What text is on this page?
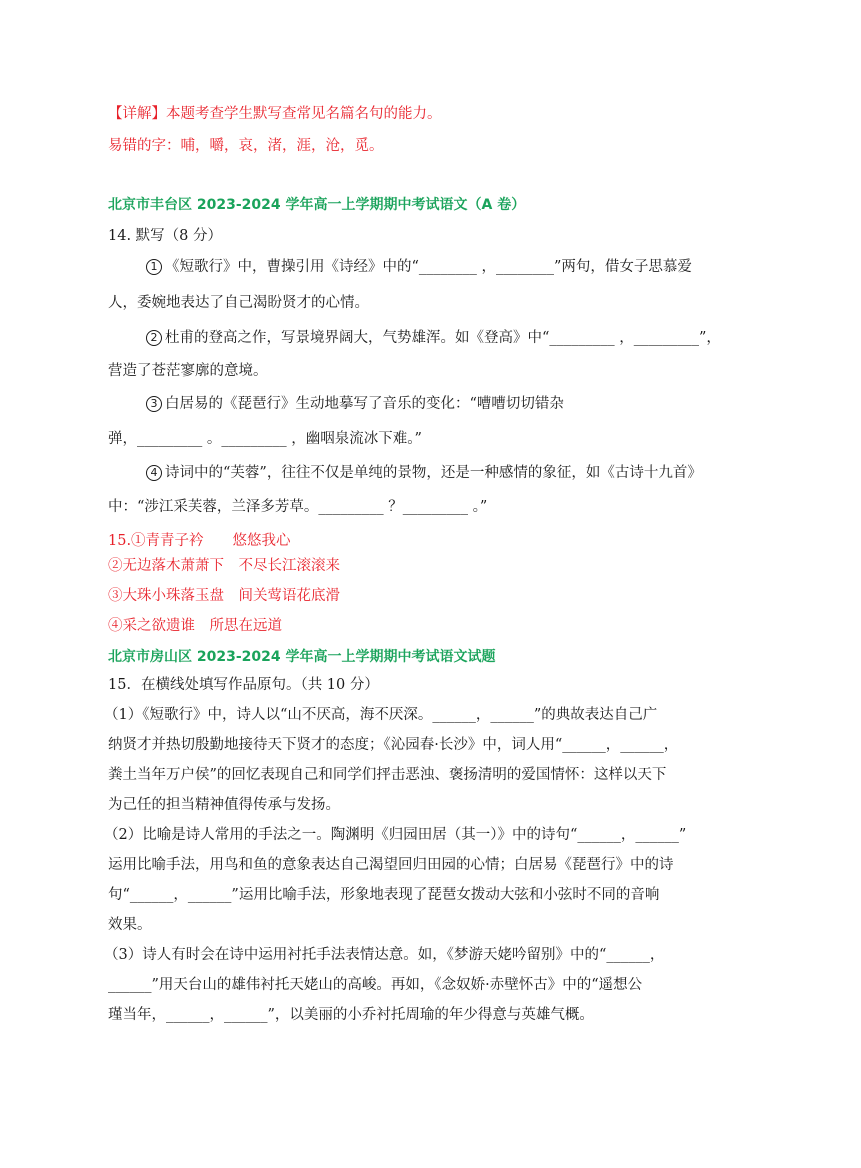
【详解】本题考查学生默写查常见名篇名句的能力。
易错的字：哺，嚼，哀，渚，涯，沧，觅。
北京市丰台区 2023-2024 学年高一上学期期中考试语文（A 卷）
14. 默写（8 分）
1 《短歌行》中，曹操引用《诗经》中的“________ ，________”两句，借女子思慕爱
人，委婉地表达了自己渴盼贤才的心情。
2 杜甫的登高之作，写景境界阔大，气势雄浑。如《登高》中“_________ ，_________”，
营造了苍茫寥廓的意境。
3 白居易的《琵琶行》生动地摹写了音乐的变化：“嘈嘈切切错杂
弹，_________ 。_________ ，幽咽泉流冰下难。”
4 诗词中的“芙蓉”，往往不仅是单纯的景物，还是一种感情的象征，如《古诗十九首》
中：“涉江采芙蓉，兰泽多芳草。_________ ？_________ 。”
15.①青青子衿　　悠悠我心
②无边落木萧萧下　不尽长江滚滚来
③大珠小珠落玉盘　间关莺语花底滑
④采之欲遗谁　所思在远道
北京市房山区 2023-2024 学年高一上学期期中考试语文试题
15．在横线处填写作品原句。（共 10 分）
（1）《短歌行》中，诗人以“山不厌高，海不厌深。______，______”的典故表达自己广
纳贤才并热切殷勤地接待天下贤才的态度；《沁园春·长沙》中，词人用“______，______，
粪土当年万户侯”的回忆表现自己和同学们抨击恶浊、褒扬清明的爱国情怀：这样以天下
为己任的担当精神值得传承与发扬。
（2）比喻是诗人常用的手法之一。陶渊明《归园田居（其一）》中的诗句“______，______”
运用比喻手法，用鸟和鱼的意象表达自己渴望回归田园的心情；白居易《琵琶行》中的诗
句“______，______”运用比喻手法，形象地表现了琵琶女拨动大弦和小弦时不同的音响
效果。
（3）诗人有时会在诗中运用衬托手法表情达意。如，《梦游天姥吟留别》中的“______，
______”用天台山的雄伟衬托天姥山的高峻。再如，《念奴娇·赤壁怀古》中的“遥想公
瑾当年，______，______”，以美丽的小乔衬托周瑜的年少得意与英雄气概。
